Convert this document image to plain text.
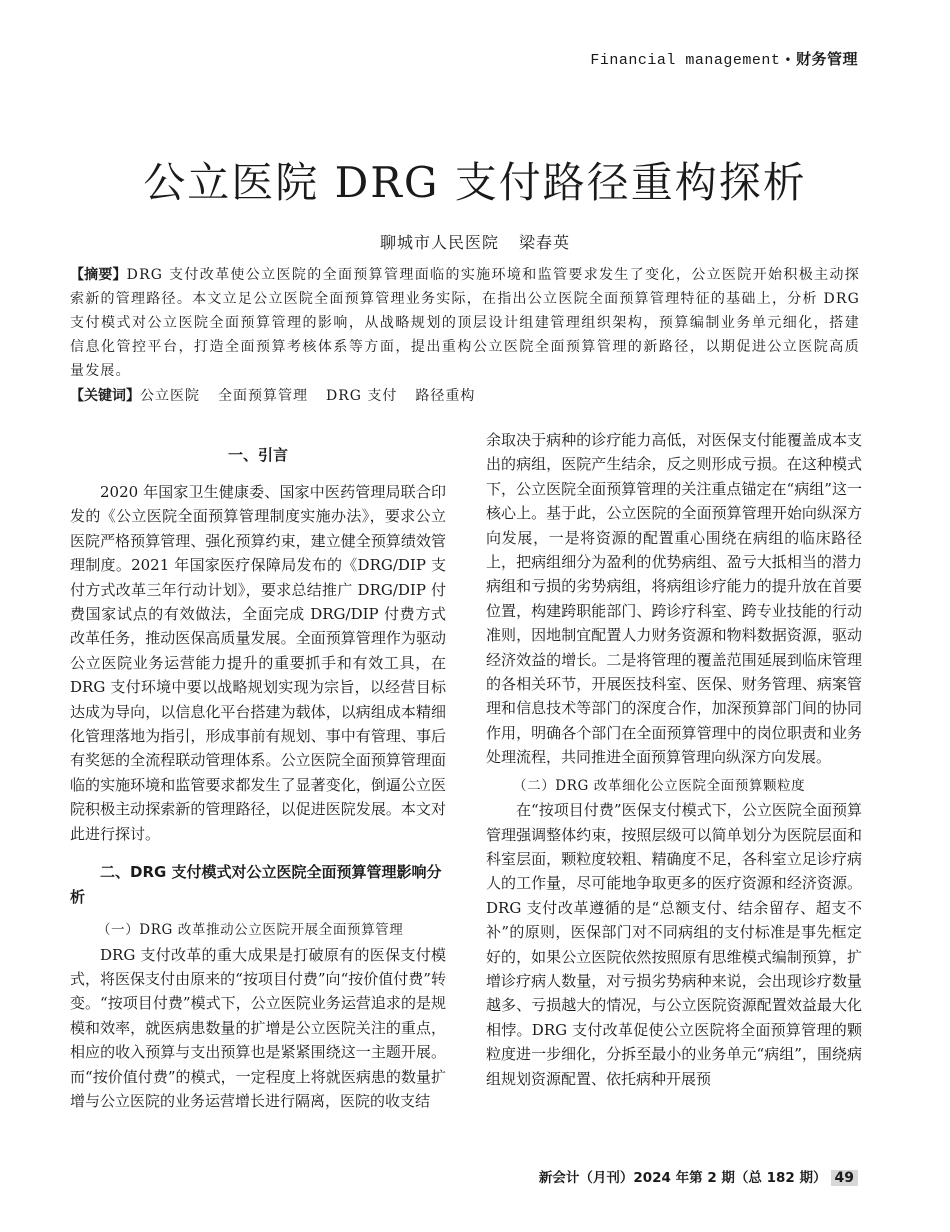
Financial management • 财务管理
公立医院 DRG 支付路径重构探析
聊城市人民医院 梁春英
【摘要】DRG 支付改革使公立医院的全面预算管理面临的实施环境和监管要求发生了变化，公立医院开始积极主动探索新的管理路径。本文立足公立医院全面预算管理业务实际，在指出公立医院全面预算管理特征的基础上，分析 DRG 支付模式对公立医院全面预算管理的影响，从战略规划的顶层设计组建管理组织架构，预算编制业务单元细化，搭建信息化管控平台，打造全面预算考核体系等方面，提出重构公立医院全面预算管理的新路径，以期促进公立医院高质量发展。
【关键词】公立医院 全面预算管理 DRG 支付 路径重构
一、引言

2020 年国家卫生健康委、国家中医药管理局联合印发的《公立医院全面预算管理制度实施办法》，要求公立医院严格预算管理、强化预算约束，建立健全预算绩效管理制度。2021 年国家医疗保障局发布的《DRG/DIP 支付方式改革三年行动计划》，要求总结推广 DRG/DIP 付费国家试点的有效做法，全面完成 DRG/DIP 付费方式改革任务，推动医保高质量发展。全面预算管理作为驱动公立医院业务运营能力提升的重要抓手和有效工具，在 DRG 支付环境中要以战略规划实现为宗旨，以经营目标达成为导向，以信息化平台搭建为载体，以病组成本精细化管理落地为指引，形成事前有规划、事中有管理、事后有奖惩的全流程联动管理体系。公立医院全面预算管理面临的实施环境和监管要求都发生了显著变化，倒逼公立医院积极主动探索新的管理路径，以促进医院发展。本文对此进行探讨。

二、DRG 支付模式对公立医院全面预算管理影响分析
（一）DRG 改革推动公立医院开展全面预算管理

DRG 支付改革的重大成果是打破原有的医保支付模式，将医保支付由原来的“按项目付费”向“按价值付费”转变。“按项目付费”模式下，公立医院业务运营追求的是规模和效率，就医病患数量的扩增是公立医院关注的重点，相应的收入预算与支出预算也是紧紧围绕这一主题开展。而“按价值付费”的模式，一定程度上将就医病患的数量扩增与公立医院的业务运营增长进行隔离，医院的收支结

余取决于病种的诊疗能力高低，对医保支付能覆盖成本支出的病组，医院产生结余，反之则形成亏损。在这种模式下，公立医院全面预算管理的关注重点锚定在“病组”这一核心上。基于此，公立医院的全面预算管理开始向纵深方向发展，一是将资源的配置重心围绕在病组的临床路径上，把病组细分为盈利的优势病组、盈亏大抵相当的潜力病组和亏损的劣势病组，将病组诊疗能力的提升放在首要位置，构建跨职能部门、跨诊疗科室、跨专业技能的行动准则，因地制宜配置人力财务资源和物料数据资源，驱动经济效益的增长。二是将管理的覆盖范围延展到临床管理的各相关环节，开展医技科室、医保、财务管理、病案管理和信息技术等部门的深度合作，加深预算部门间的协同作用，明确各个部门在全面预算管理中的岗位职责和业务处理流程，共同推进全面预算管理向纵深方向发展。

（二）DRG 改革细化公立医院全面预算颗粒度

在“按项目付费”医保支付模式下，公立医院全面预算管理强调整体约束，按照层级可以简单划分为医院层面和科室层面，颗粒度较粗、精确度不足，各科室立足诊疗病人的工作量，尽可能地争取更多的医疗资源和经济资源。DRG 支付改革遵循的是“总额支付、结余留存、超支不补”的原则，医保部门对不同病组的支付标准是事先框定好的，如果公立医院依然按照原有思维模式编制预算，扩增诊疗病人数量，对亏损劣势病种来说，会出现诊疗数量越多、亏损越大的情况，与公立医院资源配置效益最大化相悖。DRG 支付改革促使公立医院将全面预算管理的颗粒度进一步细化，分拆至最小的业务单元“病组”，围绕病组规划资源配置、依托病种开展预

新会计（月刊）2024 年第 2 期（总 182 期） 49
